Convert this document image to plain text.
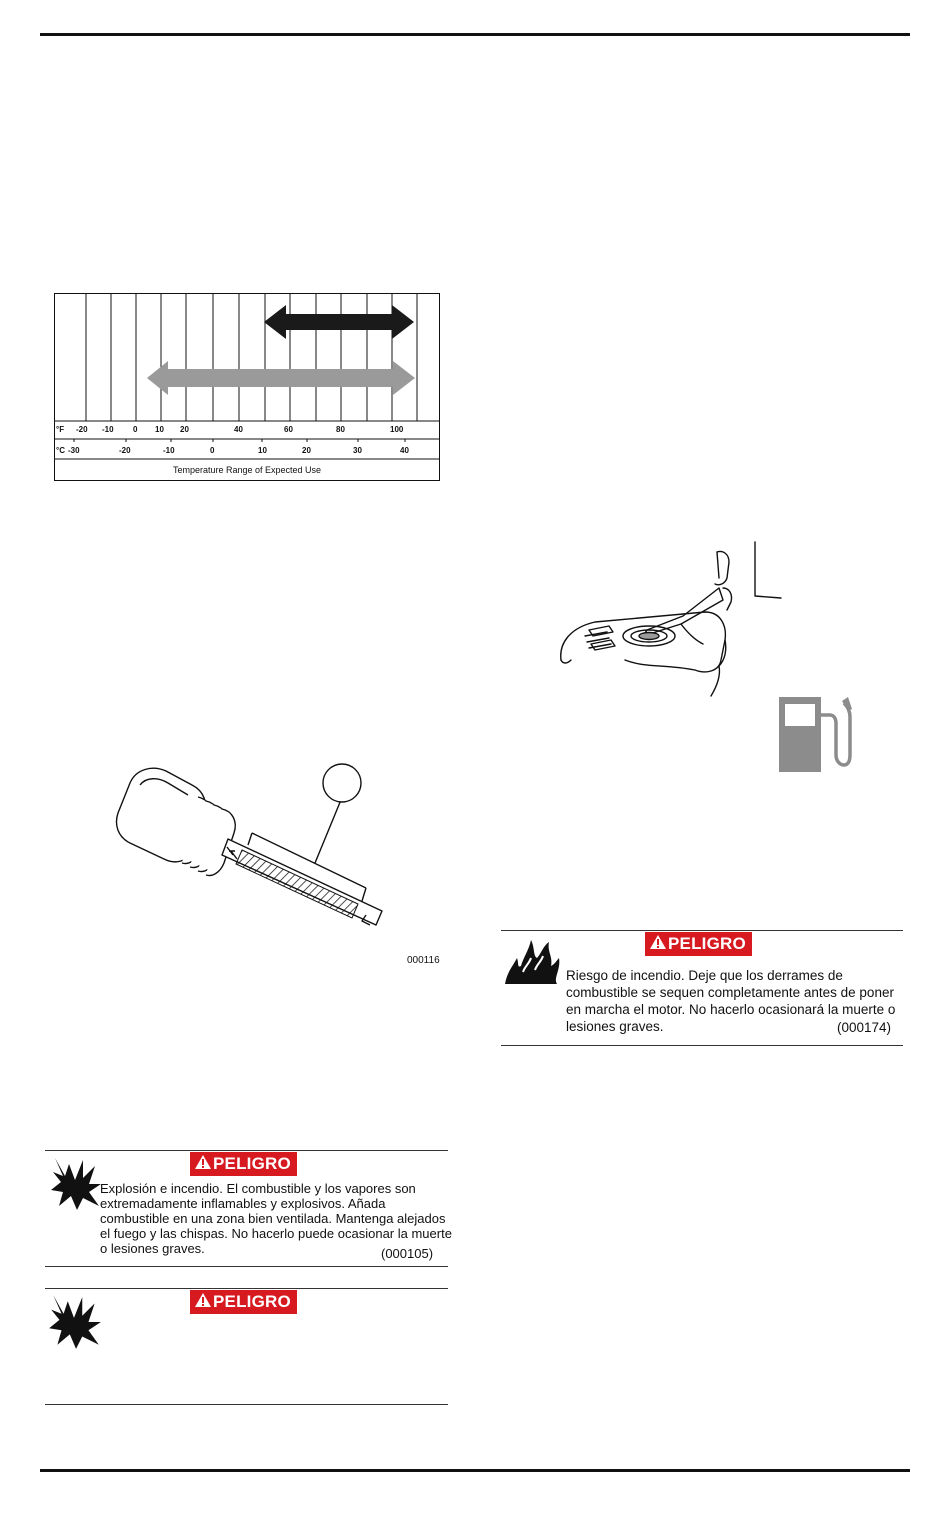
°F -20 -10 0 10 20	40	60	80	100
°C -30	-20	-10	0	10	20	30	40
Temperature Range of Expected Use
000116
PELIGRO
Explosión e incendio. El combustible y los vapores son extremadamente inflamables y explosivos. Añada combustible en una zona bien ventilada. Mantenga alejados el fuego y las chispas. No hacerlo puede ocasionar la muerte o lesiones graves.	(000105)
PELIGRO
PELIGRO
Riesgo de incendio. Deje que los derrames de combustible se sequen completamente antes de poner en marcha el motor. No hacerlo ocasionará la muerte o lesiones graves.	(000174)
